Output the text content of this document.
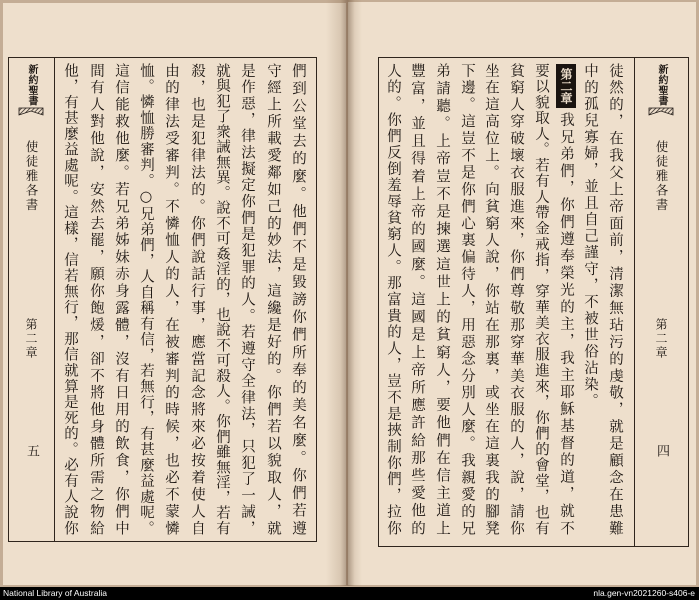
新約聖書
使徒雅各書
第二章
五	們到公堂去的麼。他們不是毀謗你們所奉的美名麼。你們若遵
守經上所載愛鄰如己的妙法，這纔是好的。你們若以貌取人，就
是作惡，律法擬定你們是犯罪的人。若遵守全律法，只犯了一誡，
就與犯了衆誡無異。說不可姦淫的，也說不可殺人。你們雖無淫，若有
殺，也是犯律法的。你們說話行事，應當記念將來必按着使人自
由的律法受審判。不憐恤人的人，在被審判的時候，也必不蒙憐
恤。憐恤勝審判。○兄弟們，人自稱有信，若無行，有甚麼益處呢。
這信能救他麼。若兄弟姊妹赤身露體，沒有日用的飲食，你們中
間有人對他說，安然去罷，願你飽煖，卻不將他身體所需之物給
他，有甚麼益處呢。這樣，信若無行，那信就算是死的。必有人說你	新約聖書
使徒雅各書
第二章
四
徒然的，在我父上帝面前，清潔無玷污的虔敬，就是顧念在患難
中的孤兒寡婦，並且自己謹守，不被世俗沾染。
第二章
我兄弟們，你們遵奉榮光的主，我主耶穌基督的道，就不
要以貌取人。若有人帶金戒指，穿華美衣服進來，你們的會堂，也有
貧窮人穿破壞衣服進來，你們尊敬那穿華美衣服的人，說，請你
坐在這高位上。向貧窮人說，你站在那裏，或坐在這裏我的腳凳
下邊。這豈不是你們心裏偏待人，用惡念分別人麼。我親愛的兄
弟請聽。上帝豈不是揀選這世上的貧窮人，要他們在信主道上
豐富，並且得着上帝的國麼。這國是上帝所應許給那些愛他的
人的。你們反倒羞辱貧窮人。那富貴的人，豈不是挾制你們，拉你
National Library of Australia	nla.gen-vn2021260-s406-e
